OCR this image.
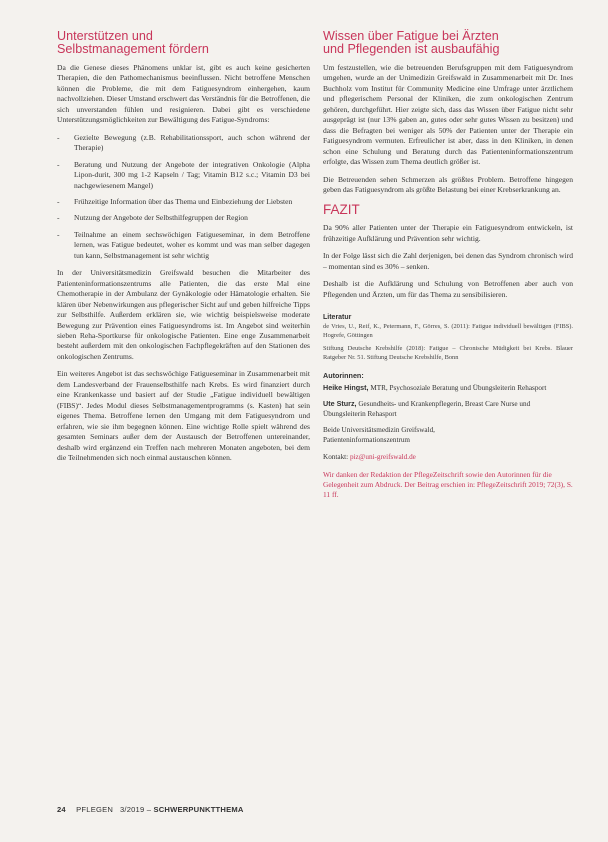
Unterstützen und
Selbstmanagement fördern

Da die Genese dieses Phänomens unklar ist, gibt es auch keine gesicherten Therapien, die den Pathomechanismus beeinflussen. Nicht betroffene Menschen können die Probleme, die mit dem Fatiguesyndrom einhergehen, kaum nachvollziehen. Dieser Umstand erschwert das Verständnis für die Betroffenen, die sich unverstanden fühlen und resignieren. Dabei gibt es verschiedene Unterstützungsmöglichkeiten zur Bewältigung des Fatigue-Syndroms:

- Gezielte Bewegung (z.B. Rehabilitationssport, auch schon während der Therapie)
- Beratung und Nutzung der Angebote der integrativen Onkologie (Alpha Lipon-durit, 300 mg 1-2 Kapseln / Tag; Vitamin B12 s.c.; Vitamin D3 bei nachgewiesenem Mangel)
- Frühzeitige Information über das Thema und Einbeziehung der Liebsten
- Nutzung der Angebote der Selbsthilfegruppen der Region
- Teilnahme an einem sechswöchigen Fatigueseminar, in dem Betroffene lernen, was Fatigue bedeutet, woher es kommt und was man selber dagegen tun kann, Selbstmanagement ist sehr wichtig

In der Universitätsmedizin Greifswald besuchen die Mitarbeiter des Patienteninformationszentrums alle Patienten, die das erste Mal eine Chemotherapie in der Ambulanz der Gynäkologie oder Hämatologie erhalten. Sie klären über Nebenwirkungen aus pflegerischer Sicht auf und geben hilfreiche Tipps zur Selbsthilfe. Außerdem erklären sie, wie wichtig beispielsweise moderate Bewegung zur Prävention eines Fatiguesyndroms ist. Im Angebot sind weiterhin sieben Reha-Sportkurse für onkologische Patienten. Eine enge Zusammenarbeit besteht außerdem mit den onkologischen Fachpflegekräften auf den Stationen des onkologischen Zentrums.

Ein weiteres Angebot ist das sechswöchige Fatigueseminar in Zusammenarbeit mit dem Landesverband der Frauenselbsthilfe nach Krebs. Es wird finanziert durch eine Krankenkasse und basiert auf der Studie „Fatigue individuell bewältigen (FIBS)“. Jedes Modul dieses Selbstmanagementprogramms (s. Kasten) hat sein eigenes Thema. Betroffene lernen den Umgang mit dem Fatiguesyndrom und erfahren, wie sie ihm begegnen können. Eine wichtige Rolle spielt während des gesamten Seminars außer dem der Austausch der Betroffenen untereinander, deshalb wird ergänzend ein Treffen nach mehreren Monaten angeboten, bei dem die Teilnehmenden sich noch einmal austauschen können.

Wissen über Fatigue bei Ärzten
und Pflegenden ist ausbaufähig

Um festzustellen, wie die betreuenden Berufsgruppen mit dem Fatiguesyndrom umgehen, wurde an der Unimedizin Greifswald in Zusammenarbeit mit Dr. Ines Buchholz vom Institut für Community Medicine eine Umfrage unter ärztlichem und pflegerischem Personal der Kliniken, die zum onkologischen Zentrum gehören, durchgeführt. Hier zeigte sich, dass das Wissen über Fatigue nicht sehr ausgeprägt ist (nur 13% gaben an, gutes oder sehr gutes Wissen zu besitzen) und dass die Befragten bei weniger als 50% der Patienten unter der Therapie ein Fatiguesyndrom vermuten. Erfreulicher ist aber, dass in den Kliniken, in denen schon eine Schulung und Beratung durch das Patienteninformationszentrum erfolgte, das Wissen zum Thema deutlich größer ist.

Die Betreuenden sehen Schmerzen als größtes Problem. Betroffene hingegen geben das Fatiguesyndrom als größte Belastung bei einer Krebserkrankung an.

FAZIT

Da 90% aller Patienten unter der Therapie ein Fatiguesyndrom entwickeln, ist frühzeitige Aufklärung und Prävention sehr wichtig.

In der Folge lässt sich die Zahl derjenigen, bei denen das Syndrom chronisch wird – momentan sind es 30% – senken.

Deshalb ist die Aufklärung und Schulung von Betroffenen aber auch von Pflegenden und Ärzten, um für das Thema zu sensibilisieren.

Literatur

de Vries, U., Reif, K., Petermann, F., Görres, S. (2011): Fatigue individuell bewältigen (FIBS). Hogrefe, Göttingen

Stiftung Deutsche Krebshilfe (2018): Fatigue – Chronische Müdigkeit bei Krebs. Blauer Ratgeber Nr. 51. Stiftung Deutsche Krebshilfe, Bonn

Autorinnen:

Heike Hingst, MTR, Psychosoziale Beratung und Übungsleiterin Rehasport

Ute Sturz, Gesundheits- und Krankenpflegerin, Breast Care Nurse und Übungsleiterin Rehasport

Beide Universitätsmedizin Greifswald,
Patienteninformationszentrum

Kontakt: piz@uni-greifswald.de

Wir danken der Redaktion der PflegeZeitschrift sowie den Autorinnen für die Gelegenheit zum Abdruck. Der Beitrag erschien in: PflegeZeitschrift 2019; 72(3), S. 11 ff.

24 PFLEGEN 3/2019 – SCHWERPUNKTTHEMA
